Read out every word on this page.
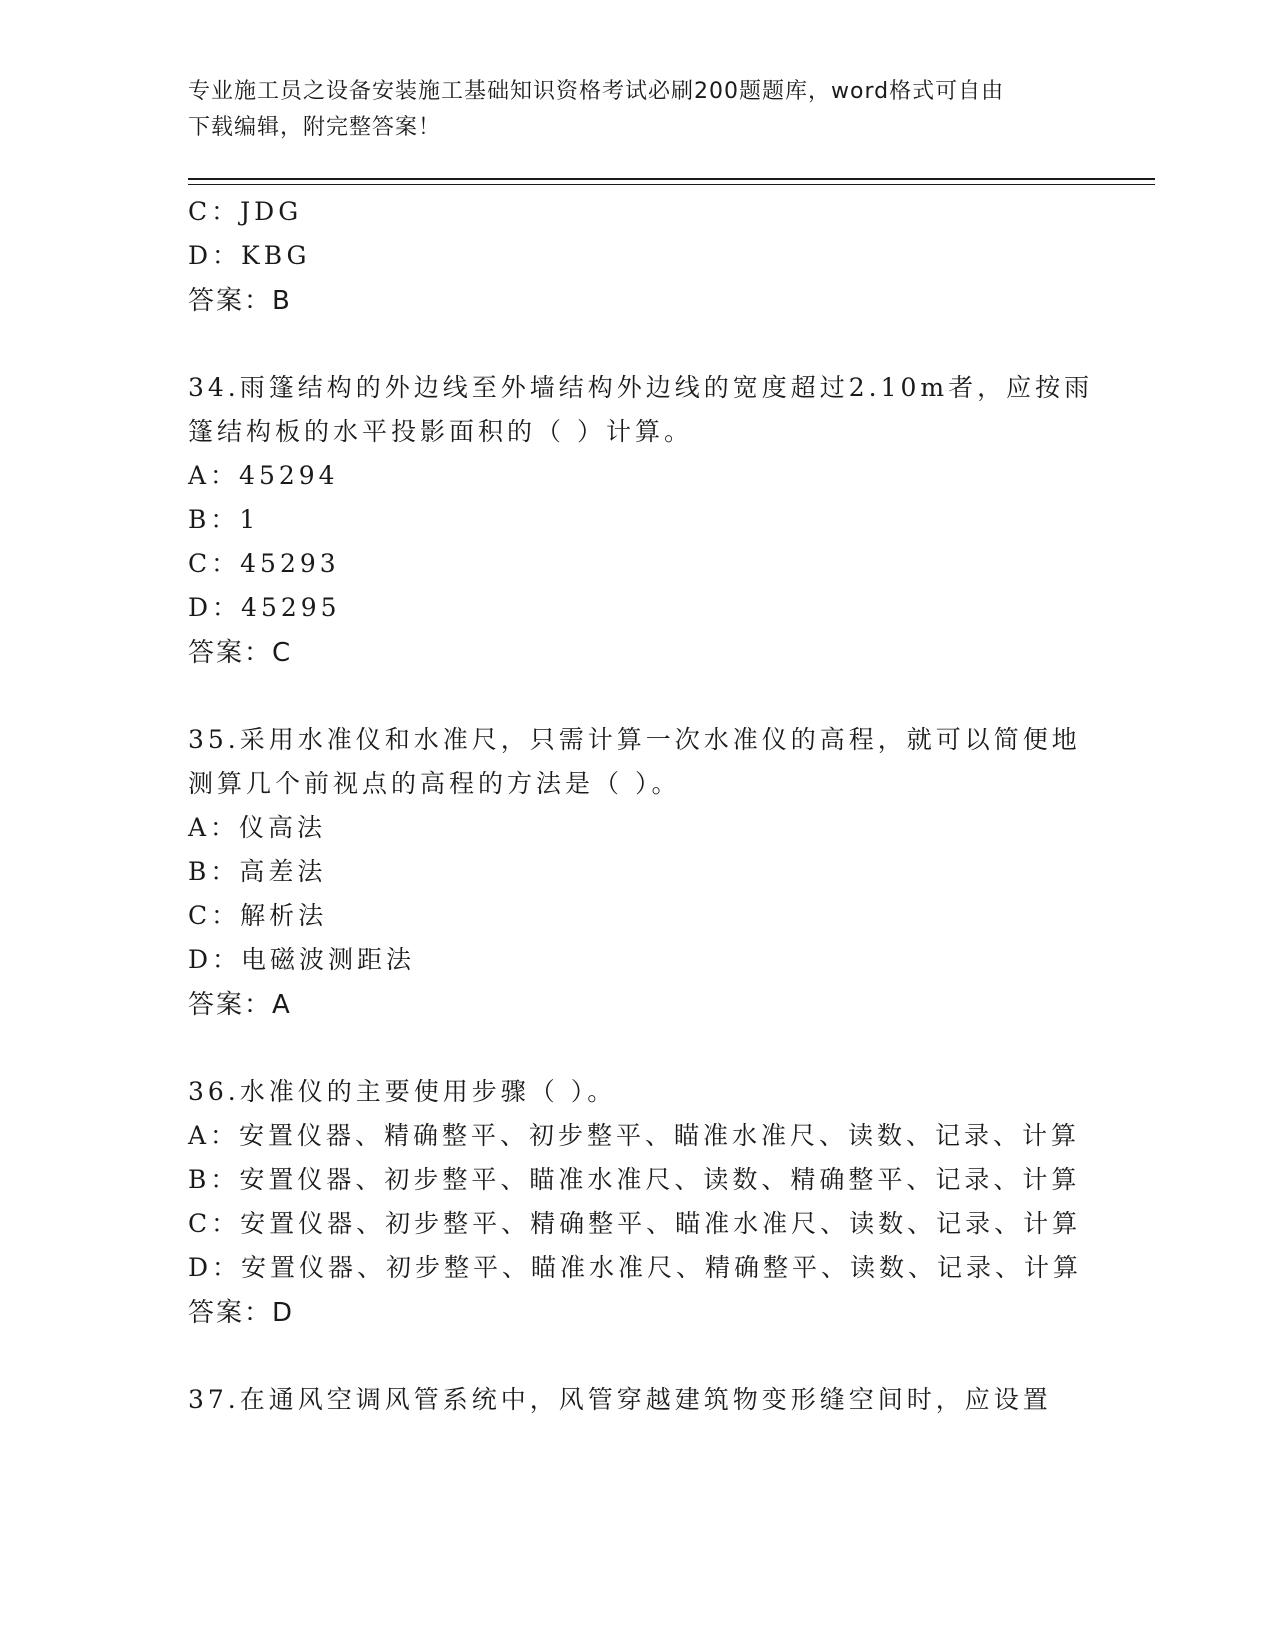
专业施工员之设备安装施工基础知识资格考试必刷200题题库，word格式可自由
下载编辑，附完整答案！
C：JDG
D：KBG
答案：B
34.雨篷结构的外边线至外墙结构外边线的宽度超过2.10m者，应按雨
篷结构板的水平投影面积的（ ）计算。
A：45294
B：1
C：45293
D：45295
答案：C
35.采用水准仪和水准尺，只需计算一次水准仪的高程，就可以简便地
测算几个前视点的高程的方法是（ ）。
A：仪高法
B：高差法
C：解析法
D：电磁波测距法
答案：A
36.水准仪的主要使用步骤（ ）。
A：安置仪器、精确整平、初步整平、瞄准水准尺、读数、记录、计算
B：安置仪器、初步整平、瞄准水准尺、读数、精确整平、记录、计算
C：安置仪器、初步整平、精确整平、瞄准水准尺、读数、记录、计算
D：安置仪器、初步整平、瞄准水准尺、精确整平、读数、记录、计算
答案：D
37.在通风空调风管系统中，风管穿越建筑物变形缝空间时，应设置
